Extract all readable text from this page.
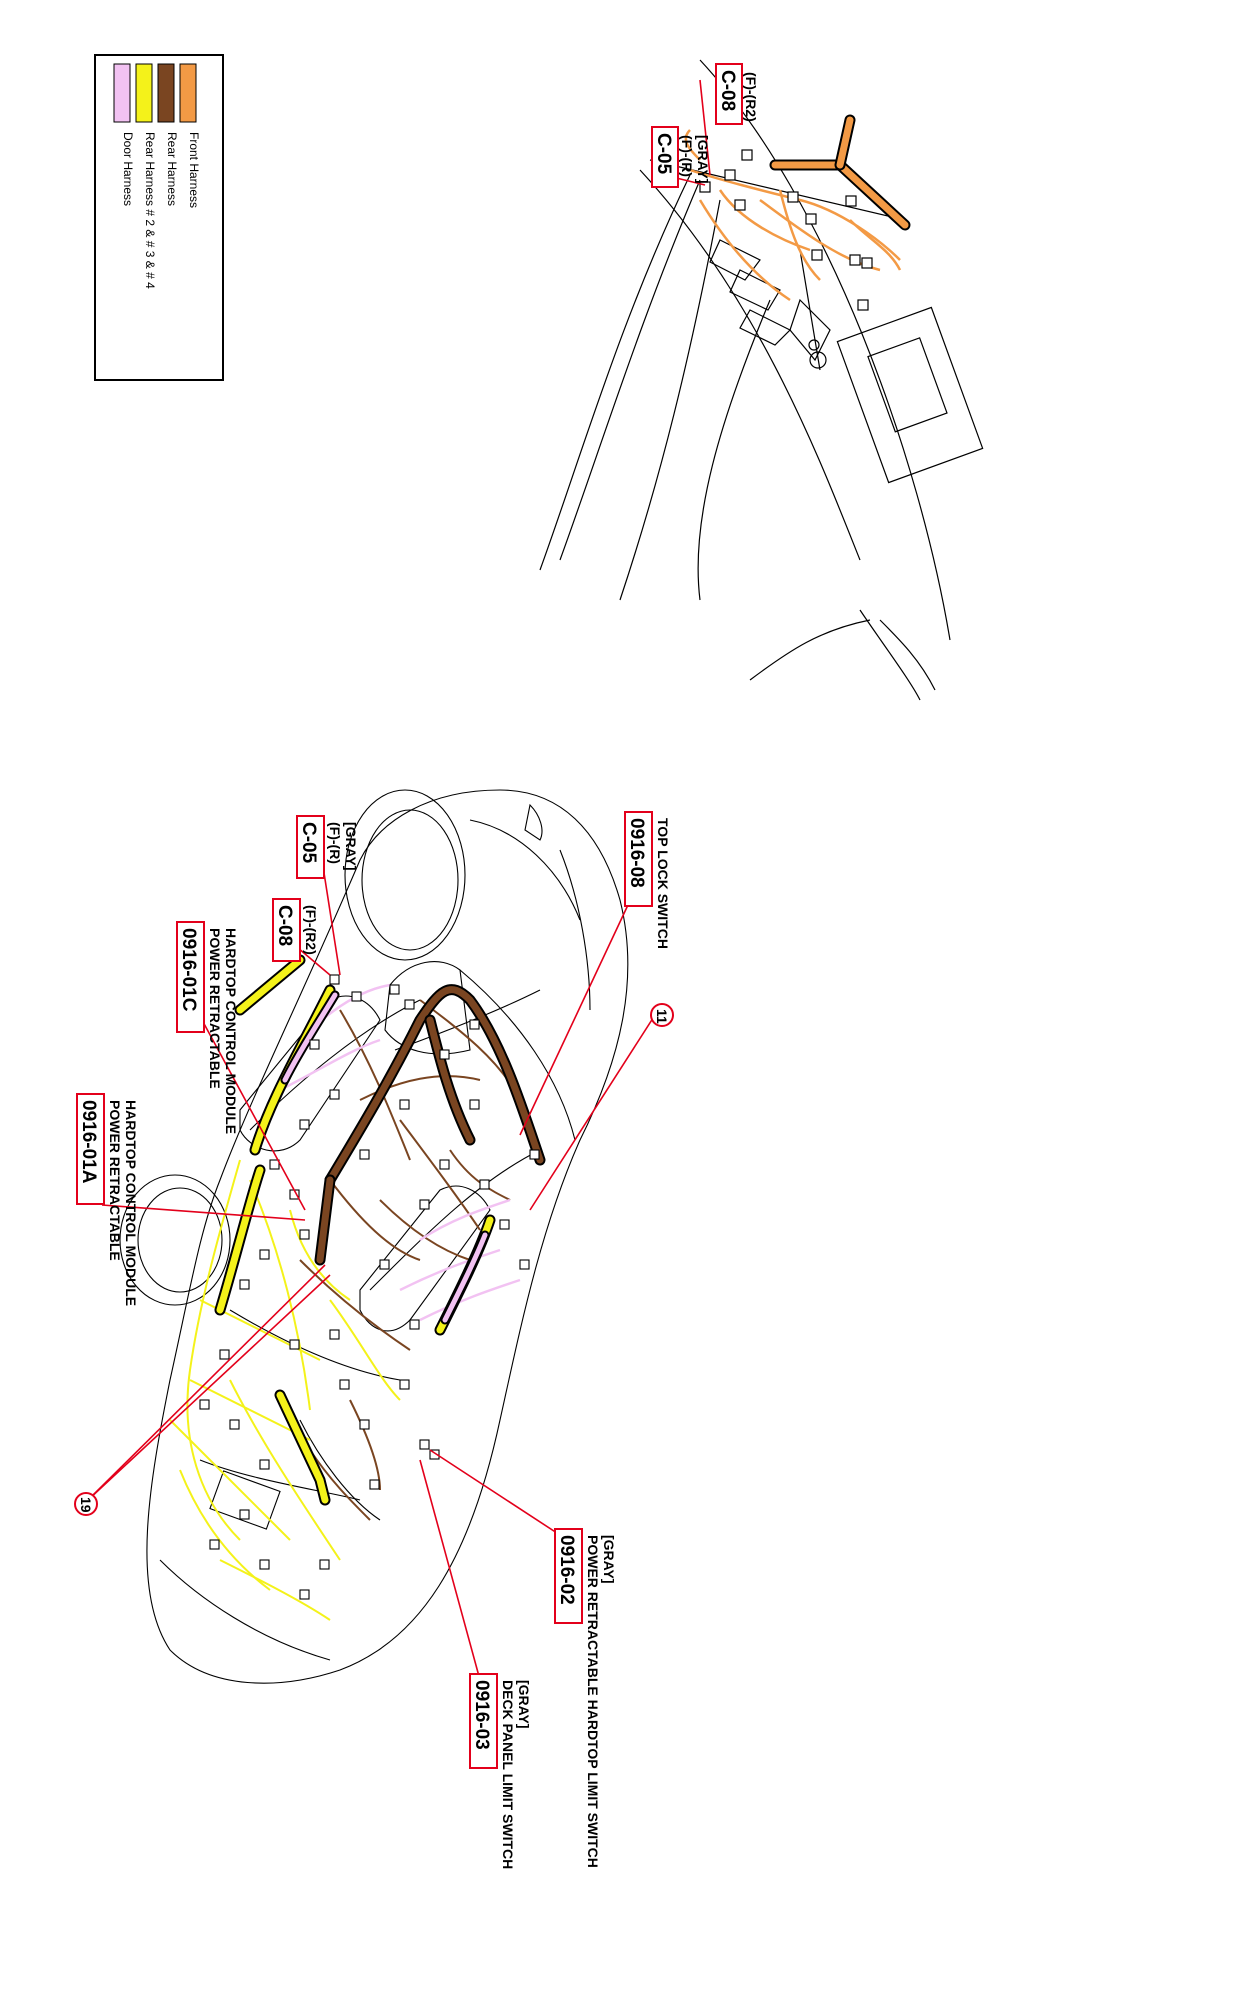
Front Harness
Rear Harness
Rear Harness # 2 & # 3 & # 4
Door Harness
C-08 (F)-(R2)
C-05 (F)-(R) [GRAY]
0916-08 TOP LOCK SWITCH
C-05 (F)-(R) [GRAY]
C-08 (F)-(R2)
0916-01C POWER RETRACTABLE HARDTOP CONTROL MODULE
0916-01A POWER RETRACTABLE HARDTOP CONTROL MODULE
0916-02 [GRAY]
POWER RETRACTABLE HARDTOP LIMIT SWITCH
0916-03 [GRAY]
DECK PANEL LIMIT SWITCH
11
19
